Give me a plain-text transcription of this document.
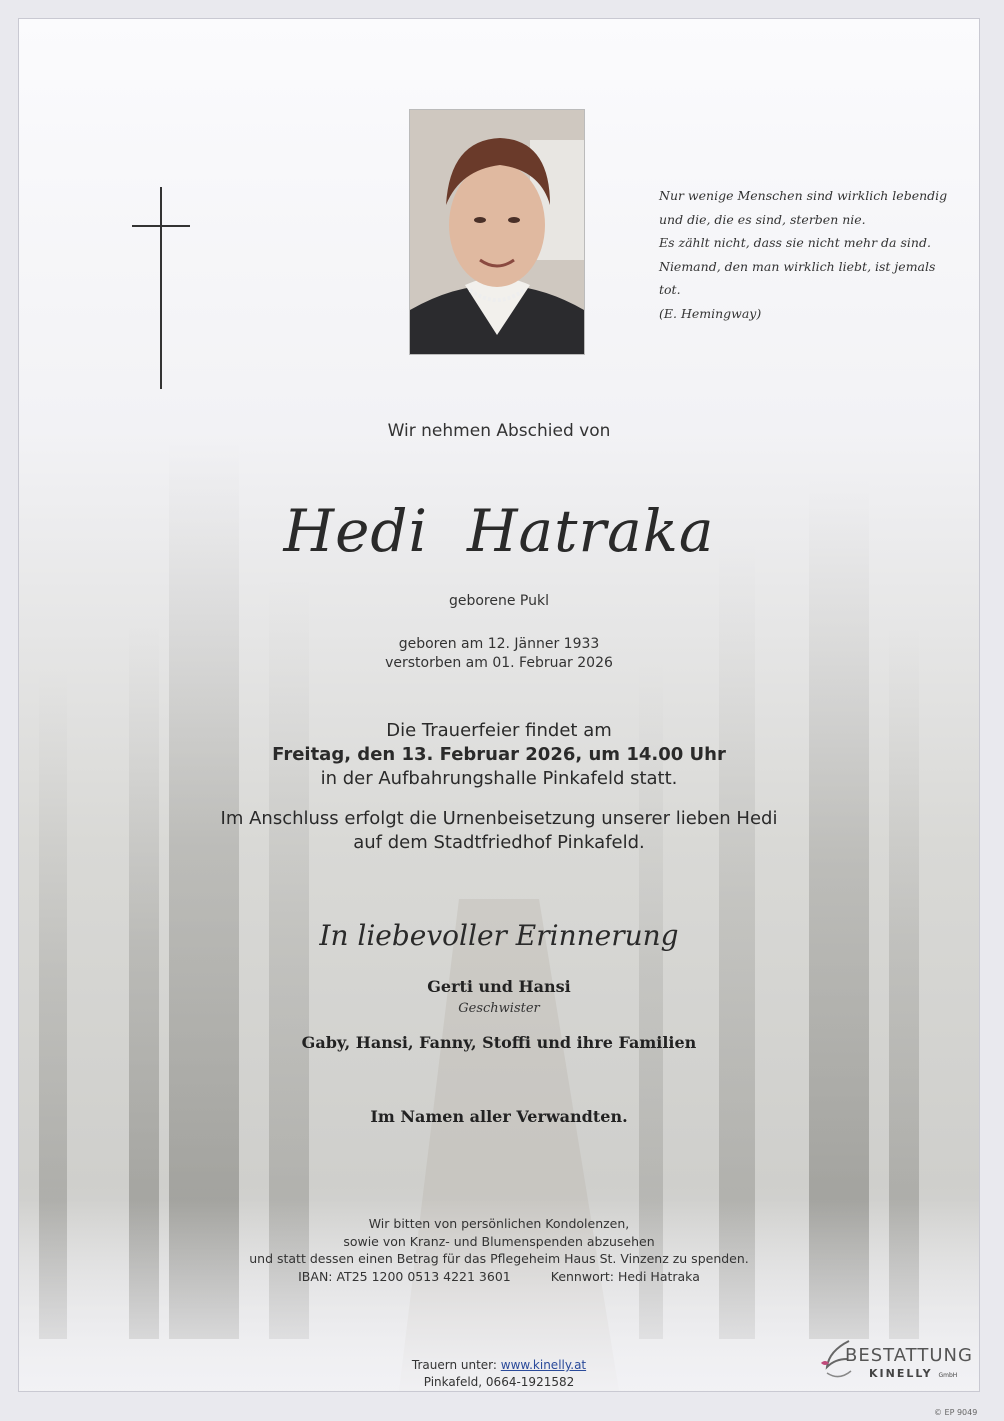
Nur wenige Menschen sind wirklich lebendig
und die, die es sind, sterben nie.
Es zählt nicht, dass sie nicht mehr da sind.
Niemand, den man wirklich liebt, ist jemals tot.
(E. Hemingway)
Wir nehmen Abschied von
Hedi  Hatraka
geborene Pukl
geboren am 12. Jänner 1933
verstorben am 01. Februar 2026
Die Trauerfeier findet am
Freitag, den 13. Februar 2026, um 14.00 Uhr
in der Aufbahrungshalle Pinkafeld statt.
Im Anschluss erfolgt die Urnenbeisetzung unserer lieben Hedi
auf dem Stadtfriedhof Pinkafeld.
In liebevoller Erinnerung
Gerti und Hansi
Geschwister
Gaby, Hansi, Fanny, Stoffi und ihre Familien
Im Namen aller Verwandten.
Wir bitten von persönlichen Kondolenzen,
sowie von Kranz- und Blumenspenden abzusehen
und statt dessen einen Betrag für das Pflegeheim Haus St. Vinzenz zu spenden.
IBAN: AT25 1200 0513 4221 3601	Kennwort: Hedi Hatraka
Trauern unter: www.kinelly.at
Pinkafeld, 0664-1921582
BESTATTUNG
KINELLY GmbH
© EP 9049
